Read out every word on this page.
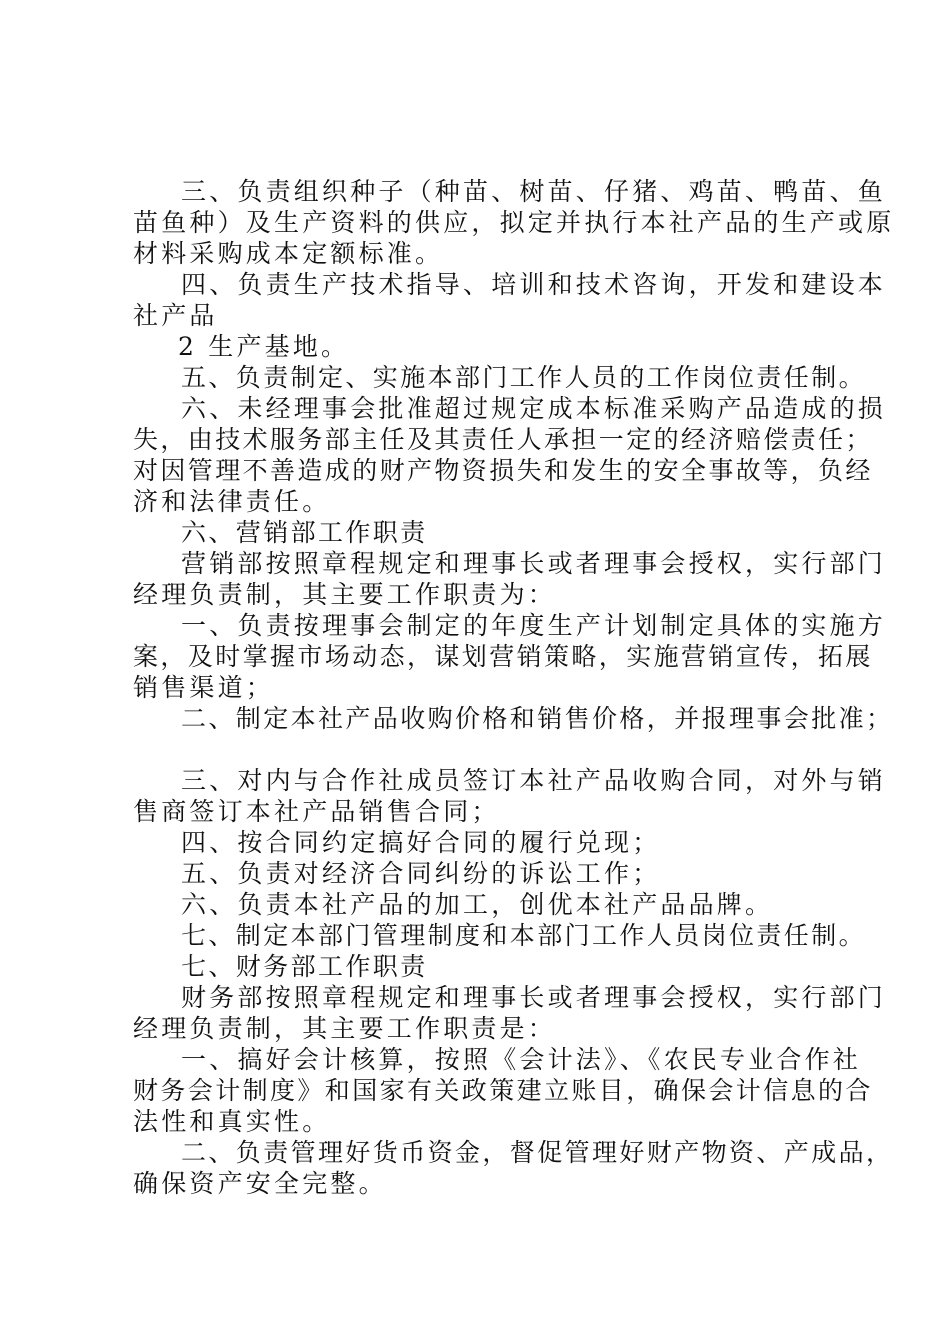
三、负责组织种子（种苗、树苗、仔猪、鸡苗、鸭苗、鱼

苗鱼种）及生产资料的供应，拟定并执行本社产品的生产或原

材料采购成本定额标准。

四、负责生产技术指导、培训和技术咨询，开发和建设本

社产品

2 生产基地。

五、负责制定、实施本部门工作人员的工作岗位责任制。

六、未经理事会批准超过规定成本标准采购产品造成的损

失，由技术服务部主任及其责任人承担一定的经济赔偿责任；

对因管理不善造成的财产物资损失和发生的安全事故等，负经

济和法律责任。

六、营销部工作职责

营销部按照章程规定和理事长或者理事会授权，实行部门

经理负责制，其主要工作职责为：

一、负责按理事会制定的年度生产计划制定具体的实施方

案，及时掌握市场动态，谋划营销策略，实施营销宣传，拓展

销售渠道；

二、制定本社产品收购价格和销售价格，并报理事会批准；

三、对内与合作社成员签订本社产品收购合同，对外与销

售商签订本社产品销售合同；

四、按合同约定搞好合同的履行兑现；

五、负责对经济合同纠纷的诉讼工作；

六、负责本社产品的加工，创优本社产品品牌。

七、制定本部门管理制度和本部门工作人员岗位责任制。

七、财务部工作职责

财务部按照章程规定和理事长或者理事会授权，实行部门

经理负责制，其主要工作职责是：

一、搞好会计核算，按照《会计法》、《农民专业合作社

财务会计制度》和国家有关政策建立账目，确保会计信息的合

法性和真实性。

二、负责管理好货币资金，督促管理好财产物资、产成品，

确保资产安全完整。
